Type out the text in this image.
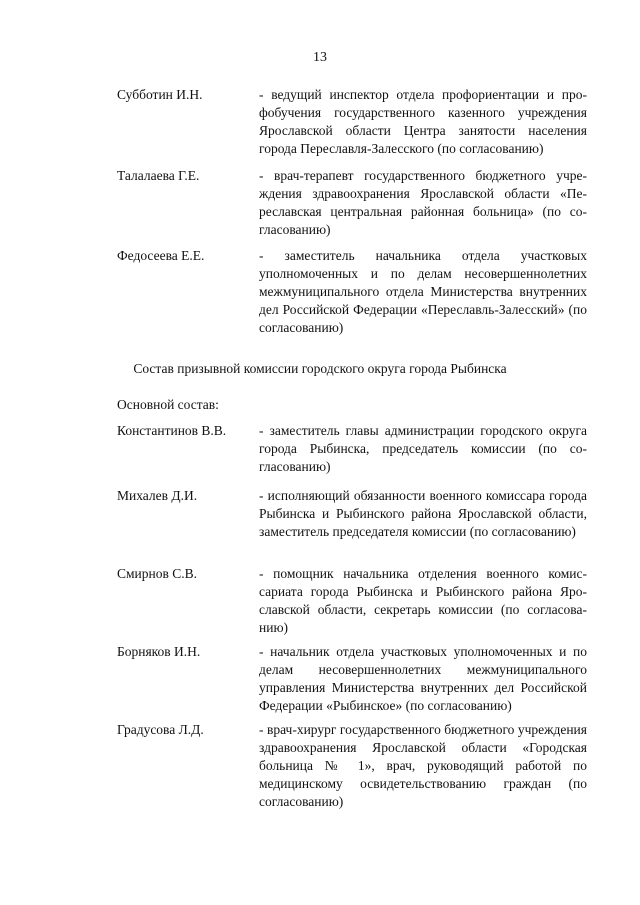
13
Субботин И.Н.	- ведущий инспектор отдела профориентации и профобучения государственного казенного учреждения Ярославской области Центра занятости населения города Переславля-Залесского (по согласованию)
Талалаева Г.Е.	- врач-терапевт государственного бюджетного учреждения здравоохранения Ярославской области «Переславская центральная районная больница» (по согласованию)
Федосеева Е.Е.	- заместитель начальника отдела участковых уполномоченных и по делам несовершеннолетних межмуниципального отдела Министерства внутренних дел Российской Федерации «Переславль-Залесский» (по согласованию)
Состав призывной комиссии городского округа города Рыбинска
Основной состав:
Константинов В.В.	- заместитель главы администрации городского округа города Рыбинска, председатель комиссии (по согласованию)
Михалев Д.И.	- исполняющий обязанности военного комиссара города Рыбинска и Рыбинского района Ярославской области, заместитель председателя комиссии (по согласованию)
Смирнов С.В.	- помощник начальника отделения военного комиссариата города Рыбинска и Рыбинского района Ярославской области, секретарь комиссии (по согласованию)
Борняков И.Н.	- начальник отдела участковых уполномоченных и по делам несовершеннолетних межмуниципального управления Министерства внутренних дел Российской Федерации «Рыбинское» (по согласованию)
Градусова Л.Д.	- врач-хирург государственного бюджетного учреждения здравоохранения Ярославской области «Городская больница № 1», врач, руководящий работой по медицинскому освидетельствованию граждан (по согласованию)
